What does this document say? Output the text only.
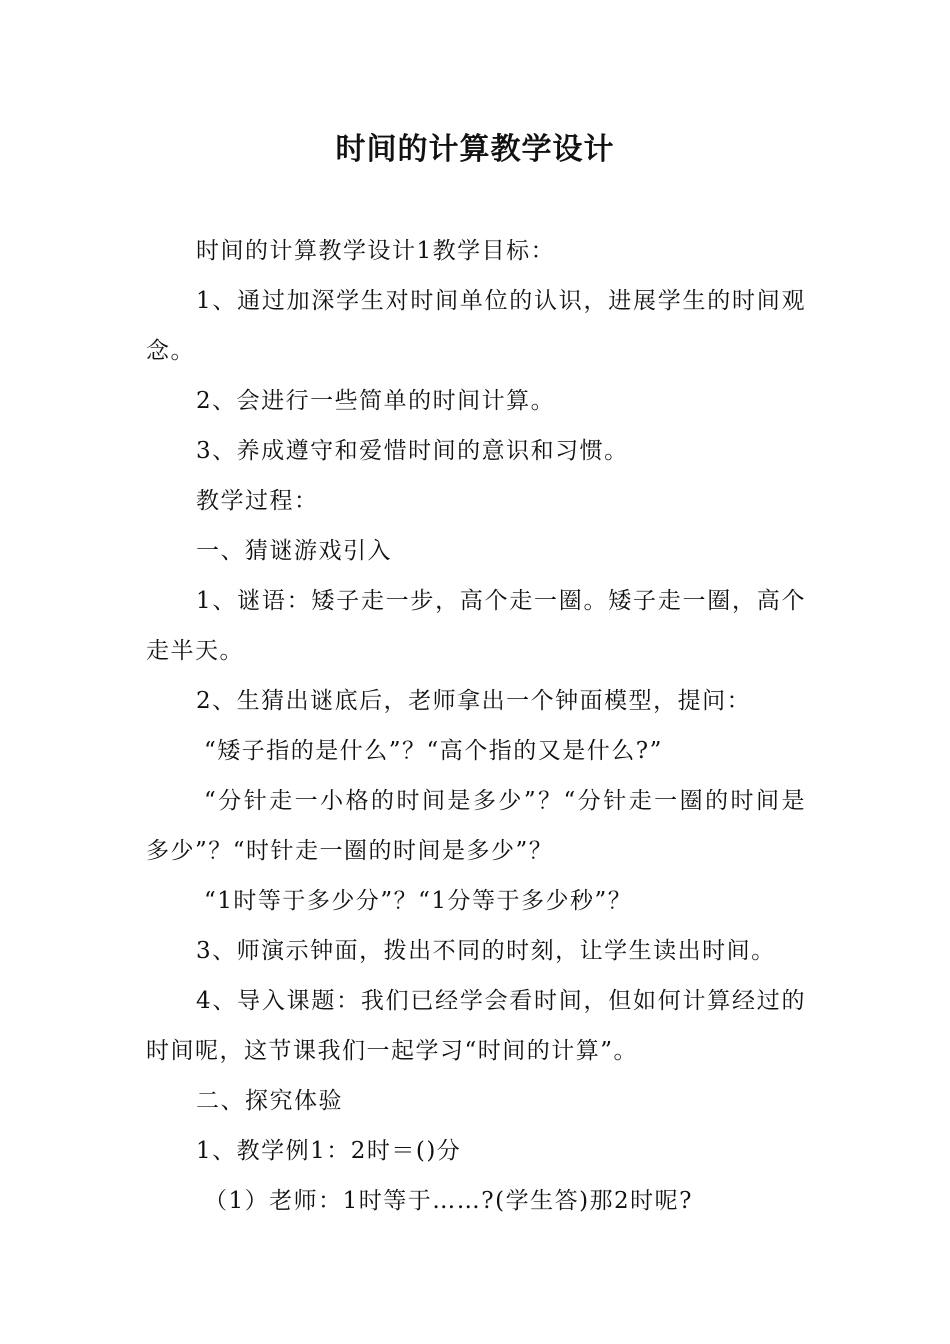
时间的计算教学设计

时间的计算教学设计1教学目标：

1、通过加深学生对时间单位的认识，进展学生的时间观念。

2、会进行一些简单的时间计算。

3、养成遵守和爱惜时间的意识和习惯。

教学过程：

一、猜谜游戏引入

1、谜语：矮子走一步，高个走一圈。矮子走一圈，高个走半天。

2、生猜出谜底后，老师拿出一个钟面模型，提问：

“矮子指的是什么”？“高个指的又是什么?”

“分针走一小格的时间是多少”？“分针走一圈的时间是多少”？“时针走一圈的时间是多少”？

“1时等于多少分”？“1分等于多少秒”？

3、师演示钟面，拨出不同的时刻，让学生读出时间。

4、导入课题：我们已经学会看时间，但如何计算经过的时间呢，这节课我们一起学习“时间的计算”。

二、探究体验

1、教学例1：2时＝()分

（1）老师：1时等于……?(学生答)那2时呢?
